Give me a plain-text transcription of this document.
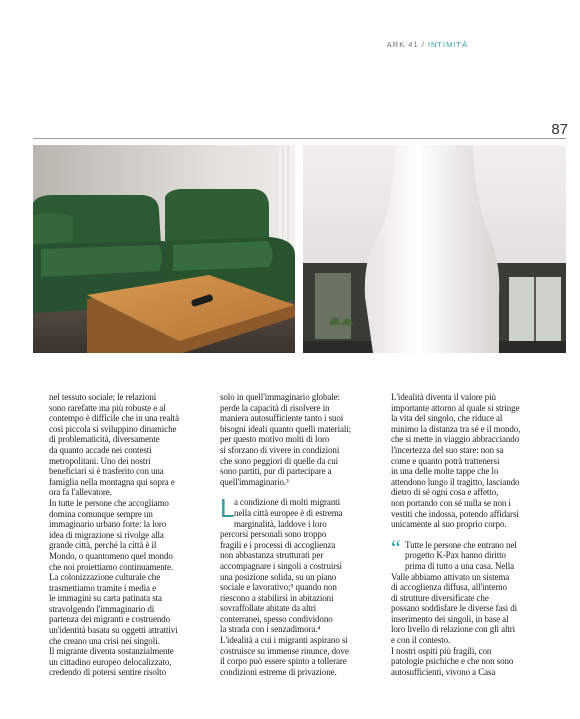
ARK 41 / INTIMITÀ
87
nel tessuto sociale; le relazioni
sono rarefatte ma più robuste e al
contempo è difficile che in una realtà
così piccola si sviluppino dinamiche
di problematicità, diversamente
da quanto accade nei contesti
metropolitani. Uno dei nostri
beneficiari si è trasferito con una
famiglia nella montagna qui sopra e
ora fa l'allevatore.
In tutte le persone che accogliamo
domina comunque sempre un
immaginario urbano forte: la loro
idea di migrazione si rivolge alla
grande città, perché la città è il
Mondo, o quantomeno quel mondo
che noi proiettiamo continuamente.
La colonizzazione culturale che
trasmettiamo tramite i media e
le immagini su carta patinata sta
stravolgendo l'immaginario di
partenza dei migranti e costruendo
un'identità basata su oggetti attrattivi
che creano una crisi nei singoli.
Il migrante diventa sostanzialmente
un cittadino europeo delocalizzato,
credendo di potersi sentire risolto
solo in quell'immaginario globale:
perde la capacità di risolvere in
maniera autosufficiente tanto i suoi
bisogni ideali quanto quelli materiali;
per questo motivo molti di loro
si sforzano di vivere in condizioni
che sono peggiori di quelle da cui
sono partiti, pur di partecipare a
quell'immaginario.³
L a condizione di molti migranti
nella città europee è di estrema
marginalità, laddove i loro
percorsi personali sono troppo
fragili e i processi di accoglienza
non abbastanza strutturati per
accompagnare i singoli a costruirsi
una posizione solida, su un piano
sociale e lavorativo;⁵ quando non
riescono a stabilirsi in abitazioni
sovraffollate abitate da altri
conterranei, spesso condividono
la strada con i senzadimora.⁴
L'idealità a cui i migranti aspirano si
costruisce su immense rinunce, dove
il corpo può essere spinto a tollerare
condizioni estreme di privazione.
L'idealità diventa il valore più
importante attorno al quale si stringe
la vita del singolo, che riduce al
minimo la distanza tra sé e il mondo,
che si mette in viaggio abbracciando
l'incertezza del suo stare: non sa
come e quanto potrà trattenersi
in una delle molte tappe che lo
attendono lungo il tragitto, lasciando
dietro di sé ogni cosa e affetto,
non portando con sé nulla se non i
vestiti che indossa, potendo affidarsi
unicamente al suo proprio corpo.
“ Tutte le persone che entrano nel
progetto K-Pax hanno diritto
prima di tutto a una casa. Nella
Valle abbiamo attivato un sistema
di accoglienza diffusa, all'interno
di strutture diversificate che
possano soddisfare le diverse fasi di
inserimento dei singoli, in base al
loro livello di relazione con gli altri
e con il contesto.
I nostri ospiti più fragili, con
patologie psichiche e che non sono
autosufficienti, vivono a Casa
